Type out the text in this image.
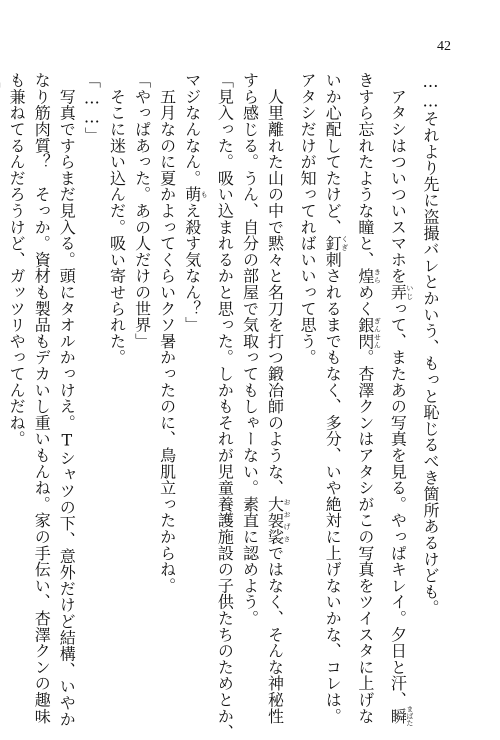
42

……それより先に盗撮バレとかいう、もっと恥じるべき箇所あるけども。

　アタシはついついスマホを弄いじって、またあの写真を見る。やっぱキレイ。夕日と汗、瞬まばた

きすら忘れたような瞳と、煌きらめく銀閃ぎんせん。杏澤クンはアタシがこの写真をツイスタに上げな

いか心配してたけど、釘くぎ刺されるまでもなく、多分、いや絶対に上げないかな、コレは。

アタシだけが知ってればいいって思う。

　人里離れた山の中で黙々と名刀を打つ鍛冶師のような、大袈裟おおげさではなく、そんな神秘性

すら感じる。うん、自分の部屋で気取ってもしゃーない。素直に認めよう。

「見入った。吸い込まれるかと思った。しかもそれが児童養護施設の子供たちのためとか、

マジなんなん。萌もえ殺す気なん？」

　五月なのに夏かよってくらいクソ暑かったのに、鳥肌立ったからね。

「やっぱあった。あの人だけの世界」

　そこに迷い込んだ。吸い寄せられた。

「……」

　写真ですらまだ見入る。頭にタオルかっけえ。Tシャツの下、意外だけど結構、いやか

なり筋肉質？　そっか。資材も製品もデカいし重いもんね。家の手伝い、杏澤クンの趣味

も兼ねてるんだろうけど、ガッツリやってんだね。
